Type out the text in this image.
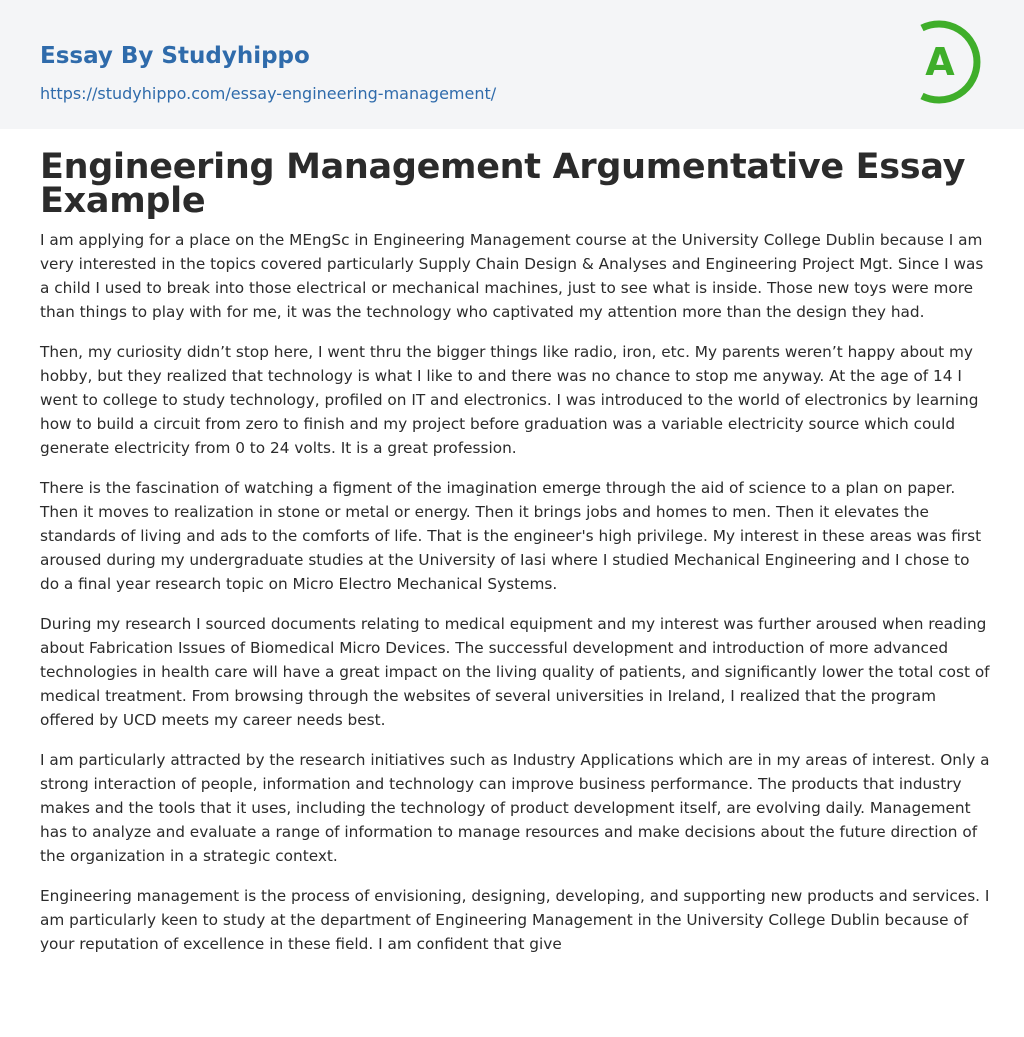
Essay By Studyhippo
https://studyhippo.com/essay-engineering-management/
A
Engineering Management Argumentative Essay Example

I am applying for a place on the MEngSc in Engineering Management course at the University College Dublin because I am very interested in the topics covered particularly Supply Chain Design & Analyses and Engineering Project Mgt. Since I was a child I used to break into those electrical or mechanical machines, just to see what is inside. Those new toys were more than things to play with for me, it was the technology who captivated my attention more than the design they had.

Then, my curiosity didn’t stop here, I went thru the bigger things like radio, iron, etc. My parents weren’t happy about my hobby, but they realized that technology is what I like to and there was no chance to stop me anyway. At the age of 14 I went to college to study technology, profiled on IT and electronics. I was introduced to the world of electronics by learning how to build a circuit from zero to finish and my project before graduation was a variable electricity source which could generate electricity from 0 to 24 volts. It is a great profession.

There is the fascination of watching a figment of the imagination emerge through the aid of science to a plan on paper. Then it moves to realization in stone or metal or energy. Then it brings jobs and homes to men. Then it elevates the standards of living and ads to the comforts of life. That is the engineer's high privilege. My interest in these areas was first aroused during my undergraduate studies at the University of Iasi where I studied Mechanical Engineering and I chose to do a final year research topic on Micro Electro Mechanical Systems.

During my research I sourced documents relating to medical equipment and my interest was further aroused when reading about Fabrication Issues of Biomedical Micro Devices. The successful development and introduction of more advanced technologies in health care will have a great impact on the living quality of patients, and significantly lower the total cost of medical treatment. From browsing through the websites of several universities in Ireland, I realized that the program offered by UCD meets my career needs best.

I am particularly attracted by the research initiatives such as Industry Applications which are in my areas of interest. Only a strong interaction of people, information and technology can improve business performance. The products that industry makes and the tools that it uses, including the technology of product development itself, are evolving daily. Management has to analyze and evaluate a range of information to manage resources and make decisions about the future direction of the organization in a strategic context.

Engineering management is the process of envisioning, designing, developing, and supporting new products and services. I am particularly keen to study at the department of Engineering Management in the University College Dublin because of your reputation of excellence in these field. I am confident that give
